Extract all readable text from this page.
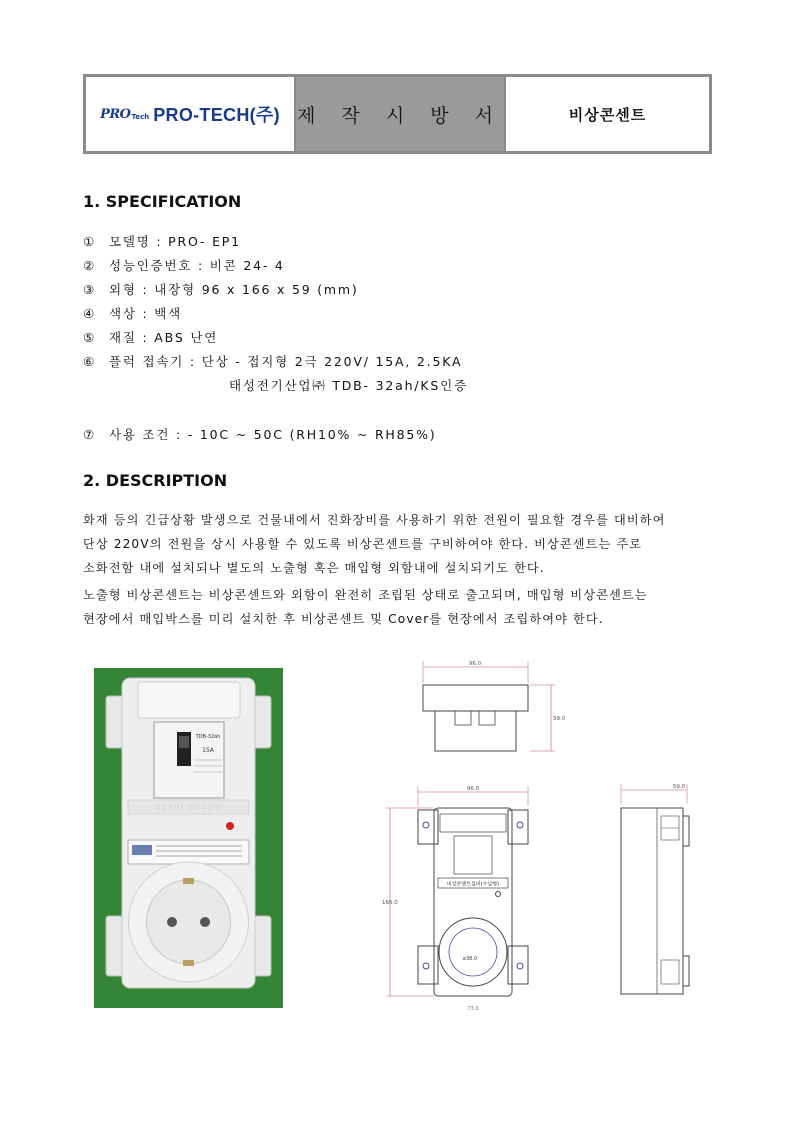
PRO Tech PRO-TECH(주) 제 작 시 방 서	비상콘센트
1. SPECIFICATION
① 모델명 : PRO- EP1
② 성능인증번호 : 비콘 24- 4
③ 외형 : 내장형 96 x 166 x 59 (mm)
④ 색상 : 백색
⑤ 재질 : ABS 난연
⑥ 플럭 접속기 : 단상 - 접지형 2극 220V/ 15A, 2.5KA
태성전기산업㈜ TDB- 32ah/KS인증
⑦ 사용 조건 : - 10C ~ 50C (RH10% ~ RH85%)
2. DESCRIPTION
화재 등의 긴급상황 발생으로 건물내에서 진화장비를 사용하기 위한 전원이 필요할 경우를 대비하여
단상 220V의 전원을 상시 사용할 수 있도록 비상콘센트를 구비하여야 한다. 비상콘센트는 주로
소화전함 내에 설치되나 별도의 노출형 혹은 매입형 외함내에 설치되기도 한다.
노출형 비상콘센트는 비상콘센트와 외함이 완전히 조립된 상태로 출고되며, 매입형 비상콘센트는
현장에서 매입박스를 미리 설치한 후 비상콘센트 및 Cover를 현장에서 조립하여야 한다.
TDB-32ah
15A
비상콘센트설비(수납형)
96.0
59.0
96.0
166.0
비상콘센트설비(수납형)
ø38.0
73.0
59.0
